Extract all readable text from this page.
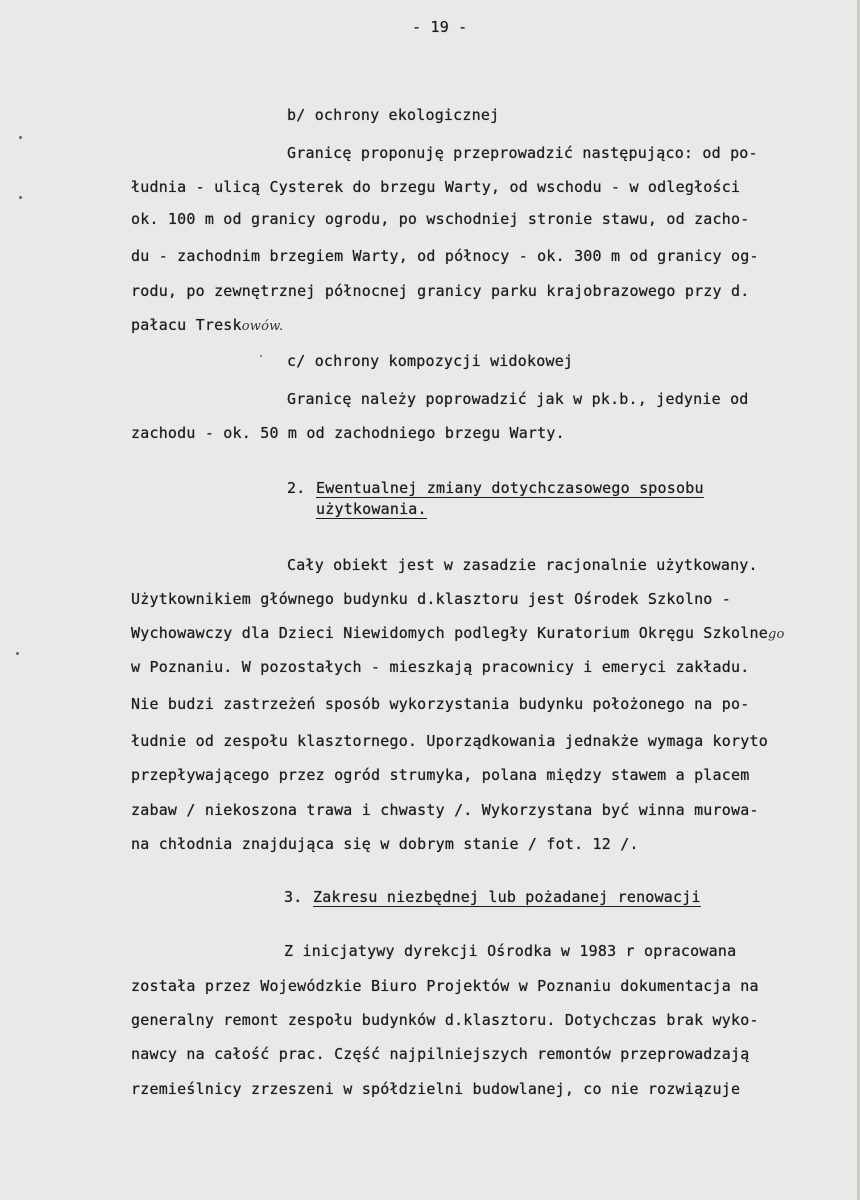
- 19 -
b/ ochrony ekologicznej
Granicę proponuję przeprowadzić następująco: od po-
łudnia - ulicą Cysterek do brzegu Warty, od wschodu - w odległości
ok. 100 m od granicy ogrodu, po wschodniej stronie stawu, od zacho-
du - zachodnim brzegiem Warty, od północy - ok. 300 m od granicy og-
rodu, po zewnętrznej północnej granicy parku krajobrazowego przy d.
pałacu Treskowów.
c/ ochrony kompozycji widokowej
Granicę należy poprowadzić jak w pk.b., jedynie od
zachodu - ok. 50 m od zachodniego brzegu Warty.
2. Ewentualnej zmiany dotychczasowego sposobu
użytkowania.
Cały obiekt jest w zasadzie racjonalnie użytkowany.
Użytkownikiem głównego budynku d.klasztoru jest Ośrodek Szkolno -
Wychowawczy dla Dzieci Niewidomych podległy Kuratorium Okręgu Szkolnego
w Poznaniu. W pozostałych - mieszkają pracownicy i emeryci zakładu.
Nie budzi zastrzeżeń sposób wykorzystania budynku położonego na po-
łudnie od zespołu klasztornego. Uporządkowania jednakże wymaga koryto
przepływającego przez ogród strumyka, polana między stawem a placem
zabaw / niekoszona trawa i chwasty /. Wykorzystana być winna murowa-
na chłodnia znajdująca się w dobrym stanie / fot. 12 /.
3. Zakresu niezbędnej lub pożadanej renowacji
Z inicjatywy dyrekcji Ośrodka w 1983 r opracowana
została przez Wojewódzkie Biuro Projektów w Poznaniu dokumentacja na
generalny remont zespołu budynków d.klasztoru. Dotychczas brak wyko-
nawcy na całość prac. Część najpilniejszych remontów przeprowadzają
rzemieślnicy zrzeszeni w spółdzielni budowlanej, co nie rozwiązuje
